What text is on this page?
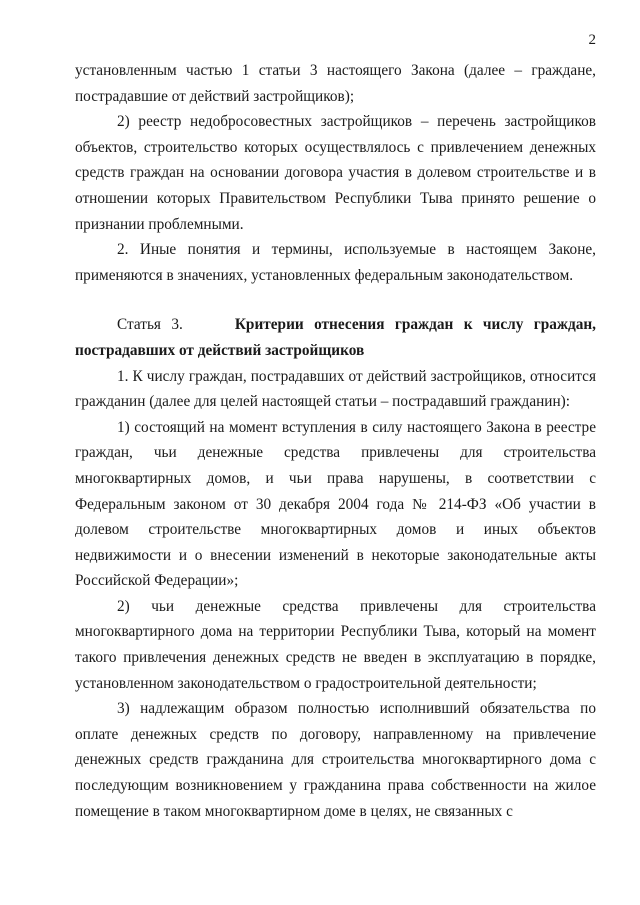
2

установленным частью 1 статьи 3 настоящего Закона (далее – граждане, пострадавшие от действий застройщиков);

2) реестр недобросовестных застройщиков – перечень застройщиков объектов, строительство которых осуществлялось с привлечением денежных средств граждан на основании договора участия в долевом строительстве и в отношении которых Правительством Республики Тыва принято решение о признании проблемными.

2. Иные понятия и термины, используемые в настоящем Законе, применяются в значениях, установленных федеральным законодательством.

Статья 3.	Критерии отнесения граждан к числу граждан, пострадавших от действий застройщиков

1. К числу граждан, пострадавших от действий застройщиков, относится гражданин (далее для целей настоящей статьи – пострадавший гражданин):

1) состоящий на момент вступления в силу настоящего Закона в реестре граждан, чьи денежные средства привлечены для строительства многоквартирных домов, и чьи права нарушены, в соответствии с Федеральным законом от 30 декабря 2004 года № 214-ФЗ «Об участии в долевом строительстве многоквартирных домов и иных объектов недвижимости и о внесении изменений в некоторые законодательные акты Российской Федерации»;

2) чьи денежные средства привлечены для строительства многоквартирного дома на территории Республики Тыва, который на момент такого привлечения денежных средств не введен в эксплуатацию в порядке, установленном законодательством о градостроительной деятельности;

3) надлежащим образом полностью исполнивший обязательства по оплате денежных средств по договору, направленному на привлечение денежных средств гражданина для строительства многоквартирного дома с последующим возникновением у гражданина права собственности на жилое помещение в таком многоквартирном доме в целях, не связанных с
